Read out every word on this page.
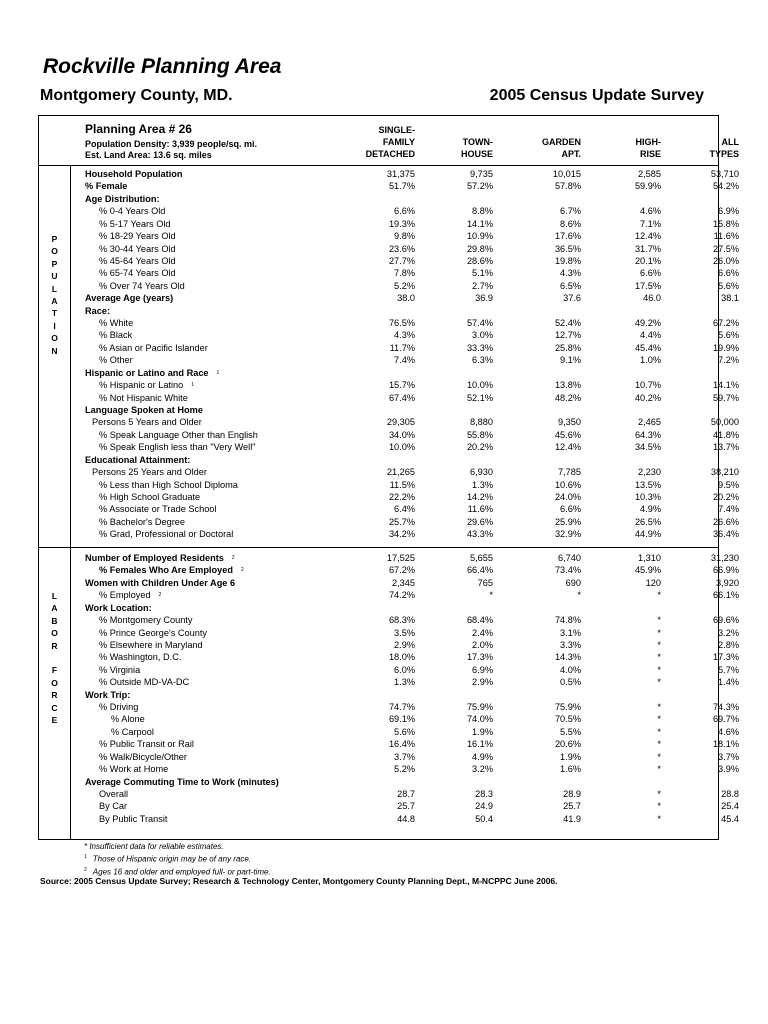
Rockville Planning Area
Montgomery County, MD.	2005 Census Update Survey
Planning Area # 26
Population Density: 3,939 people/sq. mi.
Est. Land Area: 13.6 sq. miles
SINGLE-
FAMILY
DETACHED
TOWN-
HOUSE
GARDEN
APT.
HIGH-
RISE
ALL
TYPES
P
O
P
U
L
A
T
I
O
N
L
A
B
O
R

F
O
R
C
E
Household Population	31,375	9,735	10,015	2,585	53,710
% Female	51.7%	57.2%	57.8%	59.9%	54.2%
Age Distribution:
% 0-4 Years Old	6.6%	8.8%	6.7%	4.6%	6.9%
% 5-17 Years Old	19.3%	14.1%	8.6%	7.1%	15.8%
% 18-29 Years Old	9.8%	10.9%	17.6%	12.4%	11.6%
% 30-44 Years Old	23.6%	29.8%	36.5%	31.7%	27.5%
% 45-64 Years Old	27.7%	28.6%	19.8%	20.1%	26.0%
% 65-74 Years Old	7.8%	5.1%	4.3%	6.6%	6.6%
% Over 74 Years Old	5.2%	2.7%	6.5%	17.5%	5.6%
Average Age (years)	38.0	36.9	37.6	46.0	38.1
Race:
% White	76.5%	57.4%	52.4%	49.2%	67.2%
% Black	4.3%	3.0%	12.7%	4.4%	5.6%
% Asian or Pacific Islander	11.7%	33.3%	25.8%	45.4%	19.9%
% Other	7.4%	6.3%	9.1%	1.0%	7.2%
Hispanic or Latino and Race $^1$
% Hispanic or Latino $^1$	15.7%	10.0%	13.8%	10.7%	14.1%
% Not Hispanic White	67.4%	52.1%	48.2%	40.2%	59.7%
Language Spoken at Home
Persons 5 Years and Older	29,305	8,880	9,350	2,465	50,000
% Speak Language Other than English	34.0%	55.8%	45.6%	64.3%	41.8%
% Speak English less than "Very Well"	10.0%	20.2%	12.4%	34.5%	13.7%
Educational Attainment:
Persons 25 Years and Older	21,265	6,930	7,785	2,230	38,210
% Less than High School Diploma	11.5%	1.3%	10.6%	13.5%	9.5%
% High School Graduate	22.2%	14.2%	24.0%	10.3%	20.2%
% Associate or Trade School	6.4%	11.6%	6.6%	4.9%	7.4%
% Bachelor's Degree	25.7%	29.6%	25.9%	26.5%	26.6%
% Grad, Professional or Doctoral	34.2%	43.3%	32.9%	44.9%	36.4%
Number of Employed Residents $^2$	17,525	5,655	6,740	1,310	31,230
% Females Who Are Employed $^2$	67.2%	66.4%	73.4%	45.9%	66.9%
Women with Children Under Age 6	2,345	765	690	120	3,920
% Employed $^2$	74.2%	*	*	*	66.1%
Work Location:
% Montgomery County	68.3%	68.4%	74.8%	*	69.6%
% Prince George's County	3.5%	2.4%	3.1%	*	3.2%
% Elsewhere in Maryland	2.9%	2.0%	3.3%	*	2.8%
% Washington, D.C.	18.0%	17.3%	14.3%	*	17.3%
% Virginia	6.0%	6.9%	4.0%	*	5.7%
% Outside MD-VA-DC	1.3%	2.9%	0.5%	*	1.4%
Work Trip:
% Driving	74.7%	75.9%	75.9%	*	74.3%
% Alone	69.1%	74.0%	70.5%	*	69.7%
% Carpool	5.6%	1.9%	5.5%	*	4.6%
% Public Transit or Rail	16.4%	16.1%	20.6%	*	18.1%
% Walk/Bicycle/Other	3.7%	4.9%	1.9%	*	3.7%
% Work at Home	5.2%	3.2%	1.6%	*	3.9%
Average Commuting Time to Work (minutes)
Overall	28.7	28.3	28.9	*	28.8
By Car	25.7	24.9	25.7	*	25.4
By Public Transit	44.8	50.4	41.9	*	45.4
* Insufficient data for reliable estimates.
$^1$ Those of Hispanic origin may be of any race.
$^2$ Ages 16 and older and employed full- or part-time.
Source: 2005 Census Update Survey; Research & Technology Center, Montgomery County Planning Dept., M-NCPPC June 2006.
